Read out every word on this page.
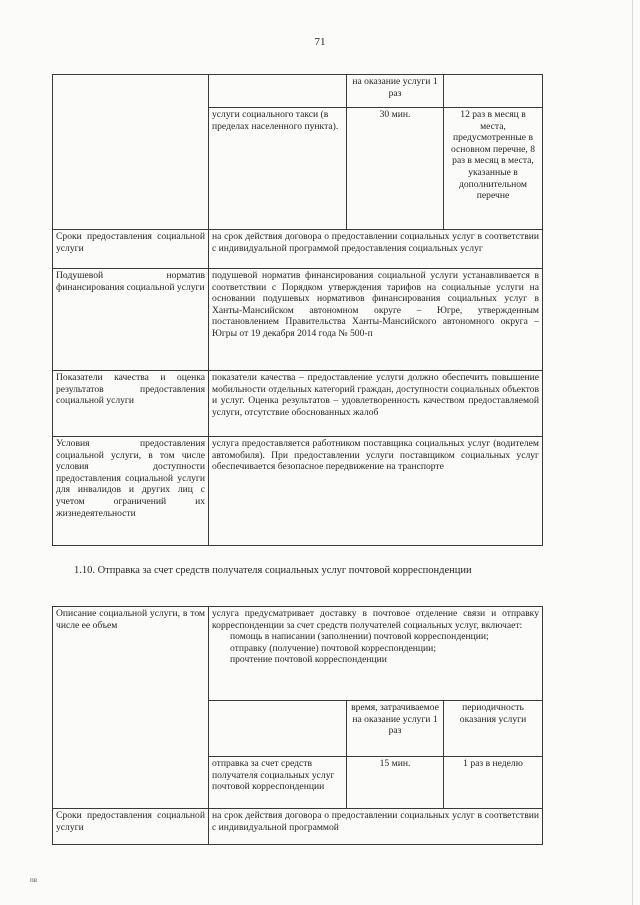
71
		на оказание услуги 1 раз	
	услуги социального такси (в пределах населенного пункта).	30 мин.	12 раз в месяц в места, предусмотренные в основном перечне, 8 раз в месяц в места, указанные в дополнительном перечне
Сроки предоставления социальной услуги	на срок действия договора о предоставлении социальных услуг в соответствии с индивидуальной программой предоставления социальных услуг		
Подушевой норматив финансирования социальной услуги	подушевой норматив финансирования социальной услуги устанавливается в соответствии с Порядком утверждения тарифов на социальные услуги на основании подушевых нормативов финансирования социальных услуг в Ханты-Мансийском автономном округе – Югре, утвержденным постановлением Правительства Ханты-Мансийского автономного округа – Югры от 19 декабря 2014 года № 500-п		
Показатели качества и оценка результатов предоставления социальной услуги	показатели качества – предоставление услуги должно обеспечить повышение мобильности отдельных категорий граждан, доступности социальных объектов и услуг. Оценка результатов – удовлетворенность качеством предоставляемой услуги, отсутствие обоснованных жалоб		
Условия предоставления социальной услуги, в том числе условия доступности предоставления социальной услуги для инвалидов и других лиц с учетом ограничений их жизнедеятельности	услуга предоставляется работником поставщика социальных услуг (водителем автомобиля). При предоставлении услуги поставщиком социальных услуг обеспечивается безопасное передвижение на транспорте		
1.10. Отправка за счет средств получателя социальных услуг почтовой корреспонденции
Описание социальной услуги, в том числе ее объем	услуга предусматривает доставку в почтовое отделение связи и отправку корреспонденции за счет средств получателей социальных услуг, включает:
помощь в написании (заполнении) почтовой корреспонденции;
отправку (получение) почтовой корреспонденции;
прочтение почтовой корреспонденции		

		время, затрачиваемое на оказание услуги 1 раз	периодичность оказания услуги
	отправка за счет средств получателя социальных услуг почтовой корреспонденции	15 мин.	1 раз в неделю
Сроки предоставления социальной услуги	на срок действия договора о предоставлении социальных услуг в соответствии с индивидуальной программой		
пв
